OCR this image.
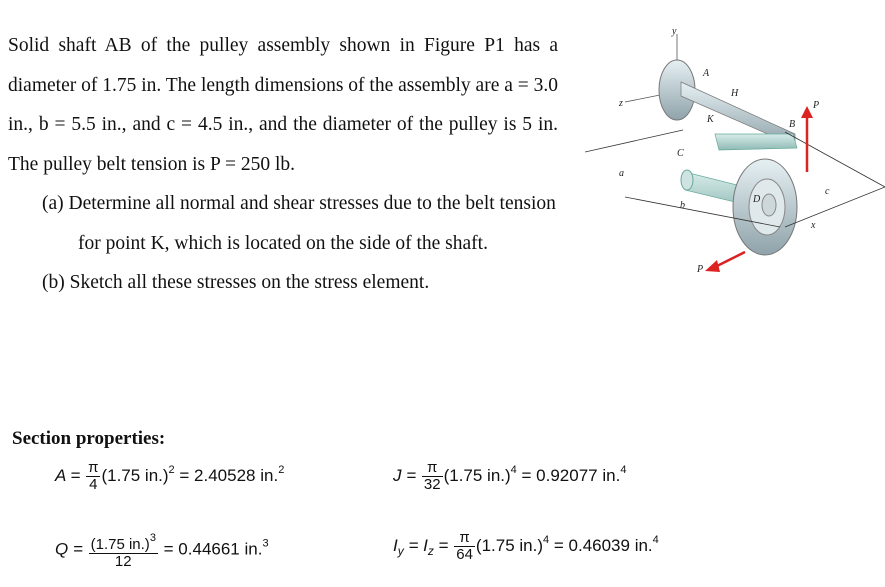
Solid shaft AB of the pulley assembly shown in Figure P1 has a diameter of 1.75 in. The length dimensions of the assembly are a = 3.0 in., b = 5.5 in., and c = 4.5 in., and the diameter of the pulley is 5 in. The pulley belt tension is P = 250 lb.

(a) Determine all normal and shear stresses due to the belt tension for point K, which is located on the side of the shaft.

(b) Sketch all these stresses on the stress element.

y
z
A
H
K	B
C
D
P
P
a
b
c
x
Section properties:
$A = \frac{\pi}{4} (1.75$ in.)$^2$ = 2.40528 in.$^2$	$J = \frac{\pi}{32} (1.75$ in.)$^4$ = 0.92077 in.$^4$
$Q = \frac{(1.75 in.)^3}{12} = 0.44661$ in.$^3$	$I_y = I_z = \frac{\pi}{64} (1.75$ in.)$^4$ = 0.46039 in.$^4$
